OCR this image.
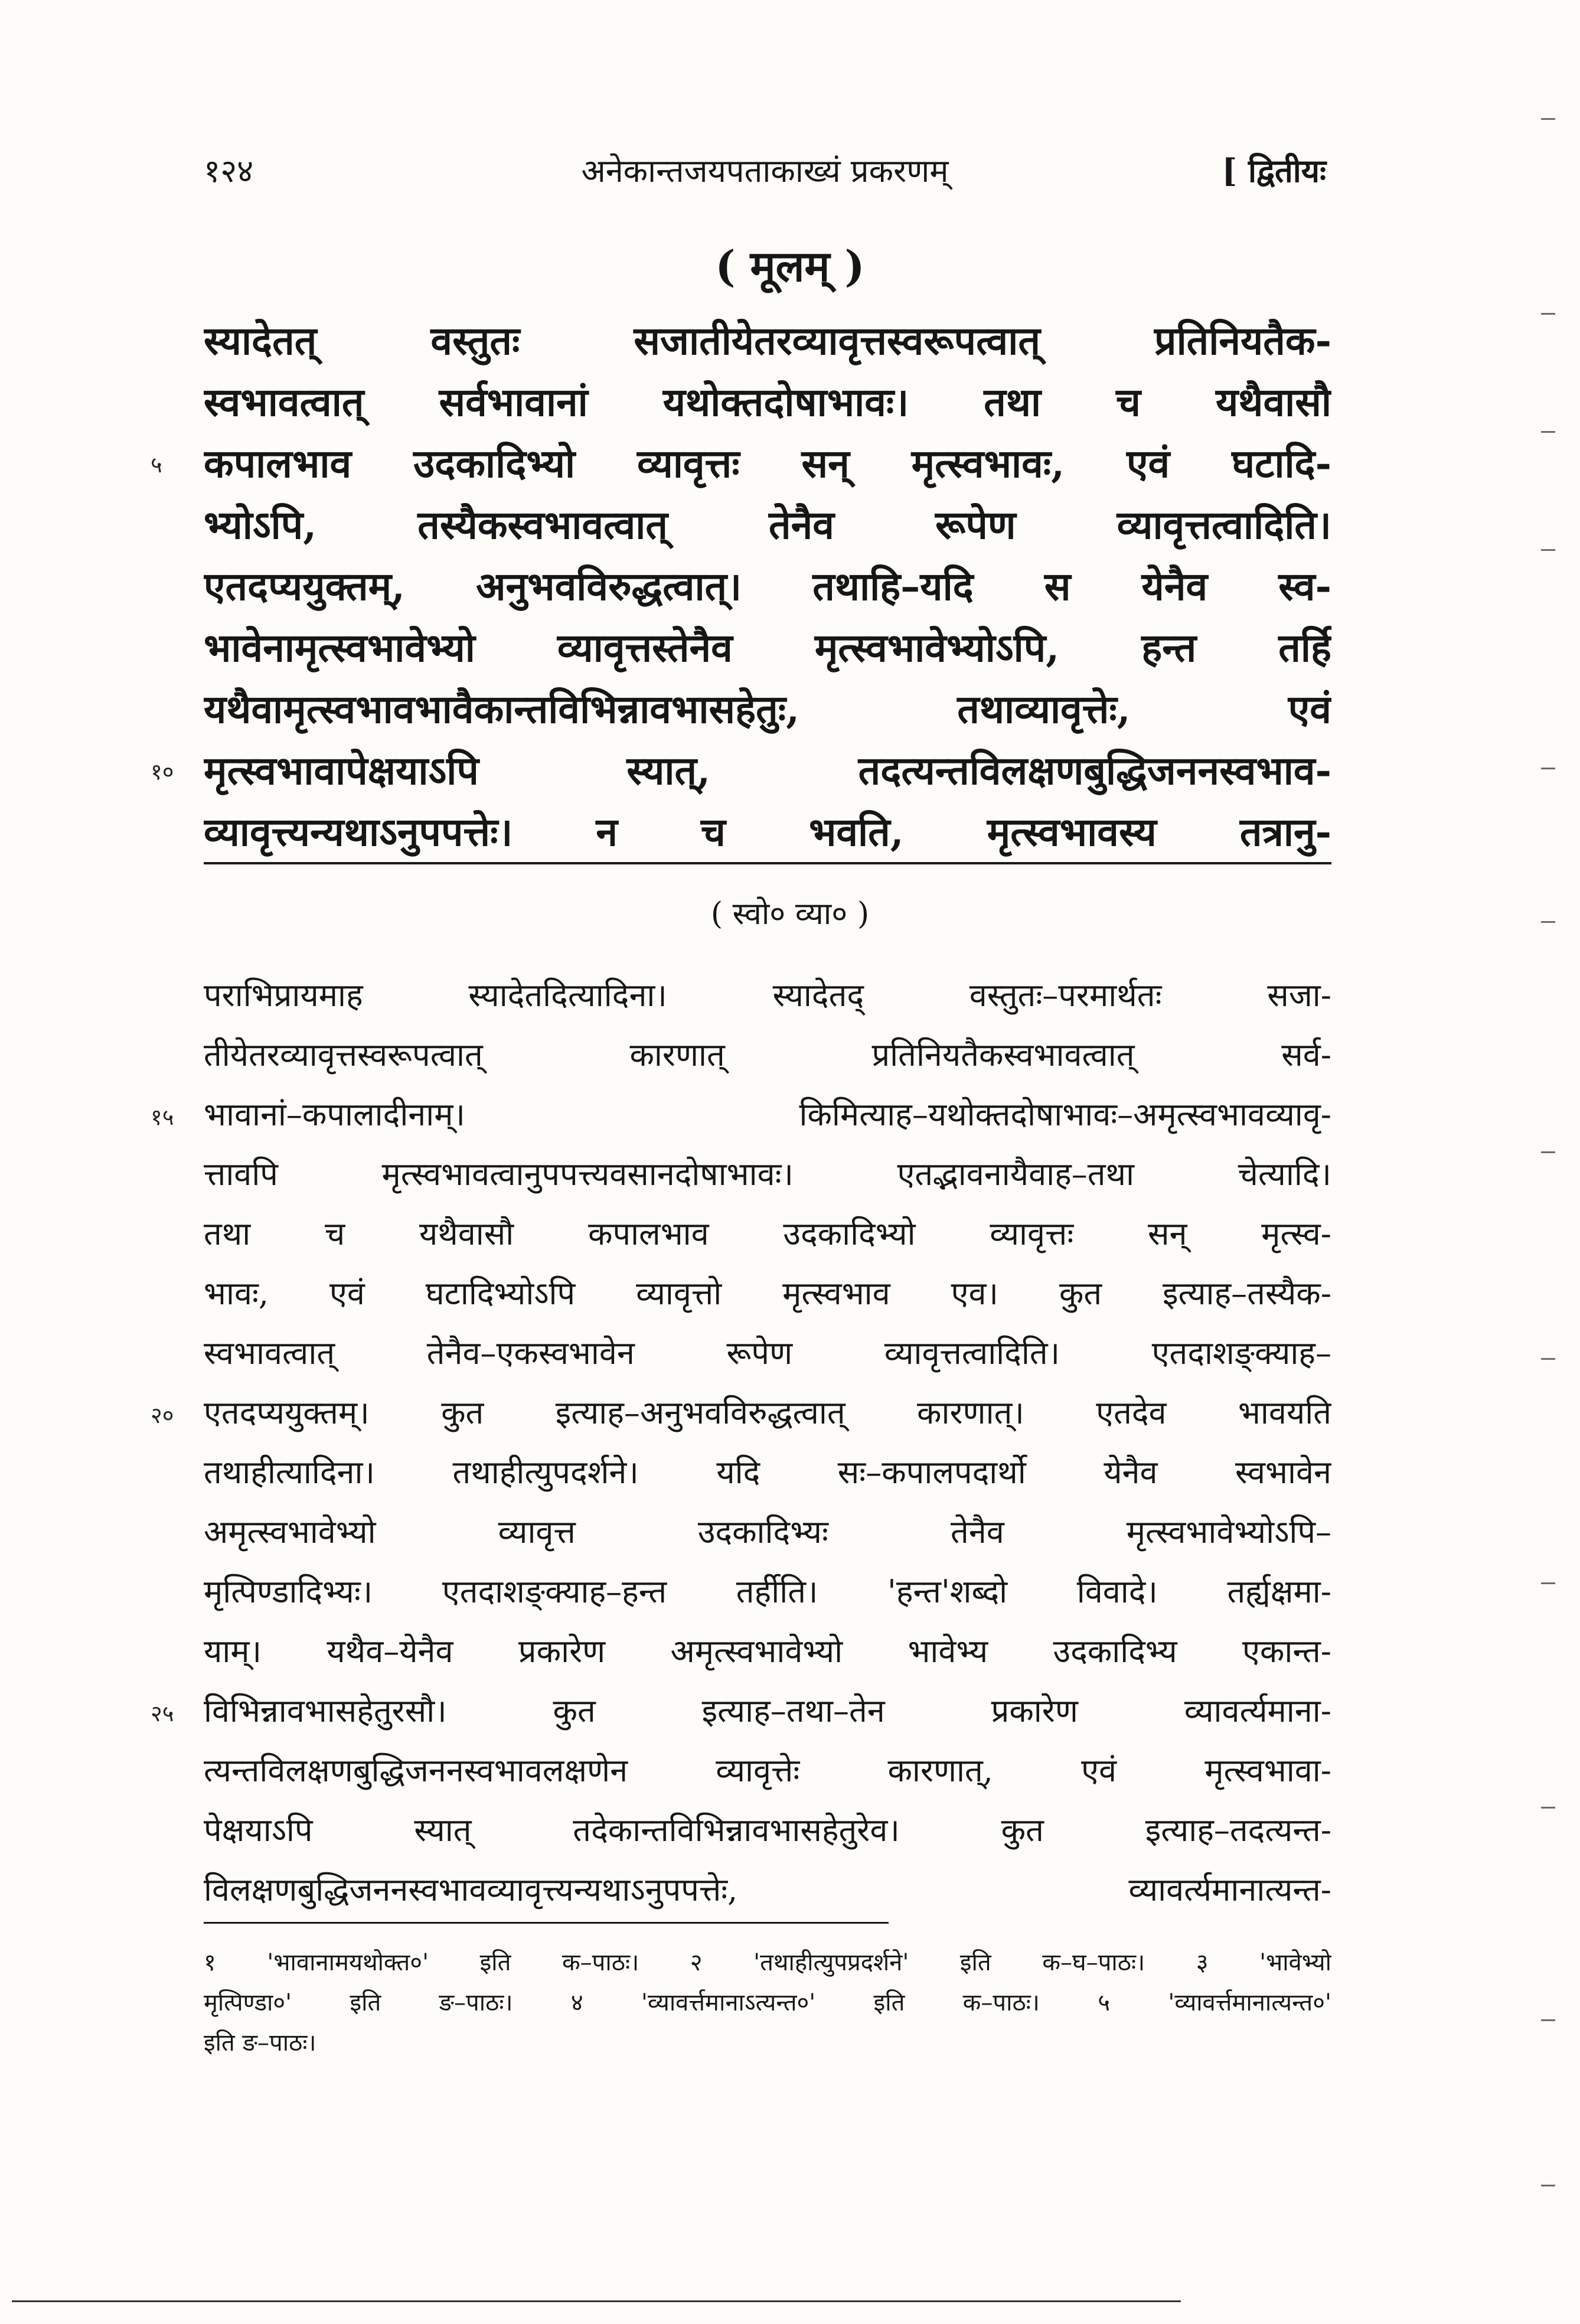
अनेकान्तजयपताकाख्यं प्रकरणम्
१२४	[ द्वितीयः
( मूलम् )
स्यादेतत् वस्तुतः सजातीयेतरव्यावृत्तस्वरूपत्वात् प्रतिनियतैक-
स्वभावत्वात् सर्वभावानां यथोक्तदोषाभावः। तथा च यथैवासौ
कपालभाव उदकादिभ्यो व्यावृत्तः सन् मृत्स्वभावः, एवं घटादि-
भ्योऽपि, तस्यैकस्वभावत्वात् तेनैव रूपेण व्यावृत्तत्वादिति।
एतदप्ययुक्तम्, अनुभवविरुद्धत्वात्। तथाहि–यदि स येनैव स्व-
भावेनामृत्स्वभावेभ्यो व्यावृत्तस्तेनैव मृत्स्वभावेभ्योऽपि, हन्त तर्हि
यथैवामृत्स्वभावभावैकान्तविभिन्नावभासहेतुः, तथाव्यावृत्तेः, एवं
मृत्स्वभावापेक्षयाऽपि स्यात्, तदत्यन्तविलक्षणबुद्धिजननस्वभाव-
व्यावृत्त्यन्यथाऽनुपपत्तेः। न च भवति, मृत्स्वभावस्य तत्रानु-
५
१०
( स्वो० व्या० )
पराभिप्रायमाह स्यादेतदित्यादिना। स्यादेतद् वस्तुतः–परमार्थतः सजा-
तीयेतरव्यावृत्तस्वरूपत्वात् कारणात् प्रतिनियतैकस्वभावत्वात् सर्व-
भावानां–कपालादीनाम्। किमित्याह–यथोक्तदोषाभावः–अमृत्स्वभावव्यावृ-
त्तावपि मृत्स्वभावत्वानुपपत्त्यवसानदोषाभावः। एतद्भावनायैवाह–तथा चेत्यादि।
तथा च यथैवासौ कपालभाव उदकादिभ्यो व्यावृत्तः सन् मृत्स्व-
भावः, एवं घटादिभ्योऽपि व्यावृत्तो मृत्स्वभाव एव। कुत इत्याह–तस्यैक-
स्वभावत्वात् तेनैव–एकस्वभावेन रूपेण व्यावृत्तत्वादिति। एतदाशङ्क्याह–
एतदप्ययुक्तम्। कुत इत्याह–अनुभवविरुद्धत्वात् कारणात्। एतदेव भावयति
तथाहीत्यादिना। तथाहीत्युपदर्शने। यदि सः–कपालपदार्थो येनैव स्वभावेन
अमृत्स्वभावेभ्यो व्यावृत्त उदकादिभ्यः तेनैव मृत्स्वभावेभ्योऽपि–
मृत्पिण्डादिभ्यः। एतदाशङ्क्याह–हन्त तर्हीति। 'हन्त'शब्दो विवादे। तर्ह्यक्षमा-
याम्। यथैव–येनैव प्रकारेण अमृत्स्वभावेभ्यो भावेभ्य उदकादिभ्य एकान्त-
विभिन्नावभासहेतुरसौ। कुत इत्याह–तथा–तेन प्रकारेण व्यावर्त्यमाना-
त्यन्तविलक्षणबुद्धिजननस्वभावलक्षणेन व्यावृत्तेः कारणात्, एवं मृत्स्वभावा-
पेक्षयाऽपि स्यात् तदेकान्तविभिन्नावभासहेतुरेव। कुत इत्याह–तदत्यन्त-
विलक्षणबुद्धिजननस्वभावव्यावृत्त्यन्यथाऽनुपपत्तेः, व्यावर्त्यमानात्यन्त-
१५
२०
२५
१ 'भावानामयथोक्त०' इति क–पाठः। २ 'तथाहीत्युपप्रदर्शने' इति क–घ–पाठः। ३ 'भावेभ्यो
मृत्पिण्डा०' इति ङ–पाठः। ४ 'व्यावर्त्तमानाऽत्यन्त०' इति क–पाठः। ५ 'व्यावर्त्तमानात्यन्त०'
इति ङ–पाठः।
